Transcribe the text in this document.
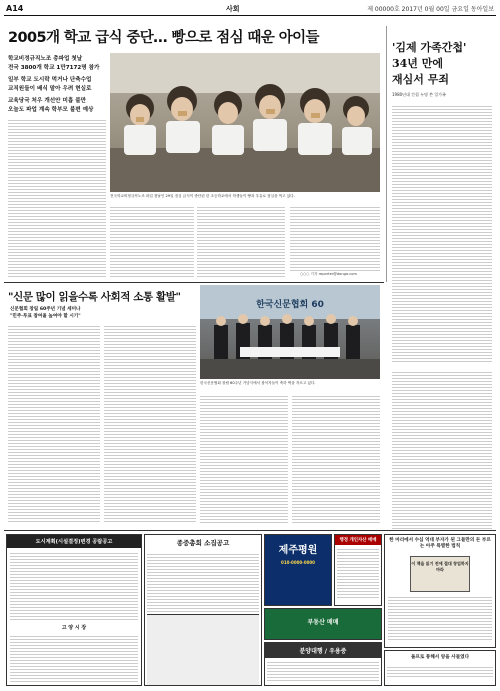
A14	사회	제 00000호 2017년 0월 00일 금요일 동아일보
2005개 학교 급식 중단… 빵으로 점심 때운 아이들
학교비정규직노조 총파업 첫날
전국 3800개 학교 1만7172명 참가
일부 학교 도시락 먹거나 단축수업
교직원들이 배식 맡아 우려 현실로
교육당국 처우 개선안 미흡 불만
오늘도 파업 계속 학부모 불편 예상
전국학교비정규직노조 파업 첫날인 29일 점심 급식이 중단된 한 초등학교에서 학생들이 빵과 우유로 점심을 먹고 있다.
○○○ 기자 reporter@donga.com
'김제 가족간첩'
34년 만에
재심서 무죄
1980년대 간첩 누명 쓴 일가족
"신문 많이 읽을수록 사회적 소통 활발"
신문협회 창립 60주년 기념 세미나
"민주·투표 참여율 높여야 할 시기"
한국신문협회 60
한국신문협회 창립 60주년 기념식에서 참석자들이 축하 떡을 자르고 있다.
도시계획(시설결정)변경 공람공고
고 양 시 장
종중총회 소집공고
제주평원
010-0000-0000
행정 개인자산 매매
부동산 매매
분양대행 / 우용중
한 마리에서 수십 억대 부자가 된 그들만의 돈 부르는 아주 특별한 법칙
이 책을 읽기 전에 절대 창업하지 마라
돌프로 통해서 양을 사들였다
